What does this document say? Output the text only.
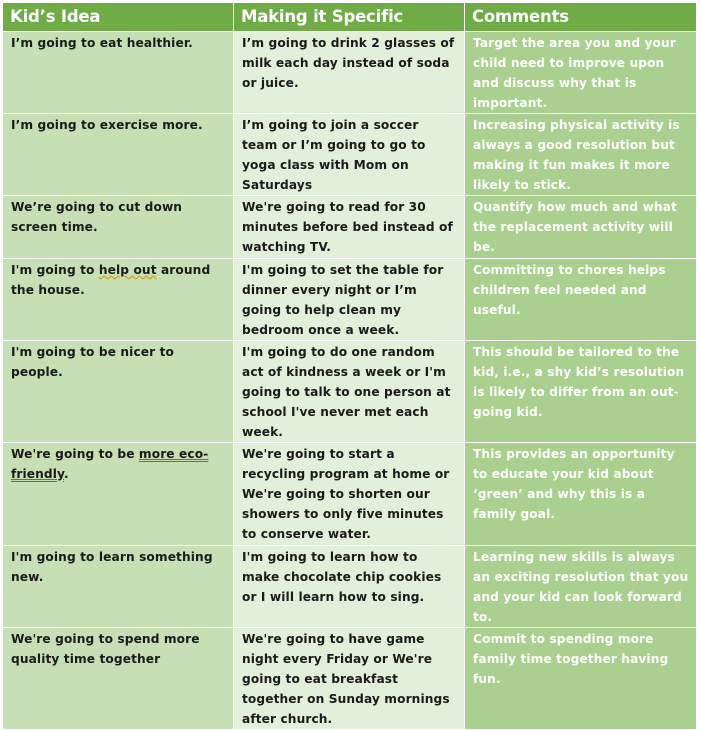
Kid’s Idea	Making it Specific	Comments
I’m going to eat healthier.	I’m going to drink 2 glasses of milk each day instead of soda or juice.	Target the area you and your child need to improve upon and discuss why that is important.
I’m going to exercise more.	I’m going to join a soccer team or I’m going to go to yoga class with Mom on Saturdays	Increasing physical activity is always a good resolution but making it fun makes it more likely to stick.
We’re going to cut down screen time.	We're going to read for 30 minutes before bed instead of watching TV.	Quantify how much and what the replacement activity will be.
I'm going to help out around the house.	I'm going to set the table for dinner every night or I’m going to help clean my bedroom once a week.	Committing to chores helps children feel needed and useful.
I'm going to be nicer to people.	I'm going to do one random act of kindness a week or I'm going to talk to one person at school I've never met each week.	This should be tailored to the kid, i.e., a shy kid’s resolution is likely to differ from an out-going kid.
We're going to be more eco-friendly.	We're going to start a recycling program at home or We're going to shorten our showers to only five minutes to conserve water.	This provides an opportunity to educate your kid about ‘green’ and why this is a family goal.
I'm going to learn something new.	I'm going to learn how to make chocolate chip cookies or I will learn how to sing.	Learning new skills is always an exciting resolution that you and your kid can look forward to.
We're going to spend more quality time together	We're going to have game night every Friday or We're going to eat breakfast together on Sunday mornings after church.	Commit to spending more family time together having fun.
